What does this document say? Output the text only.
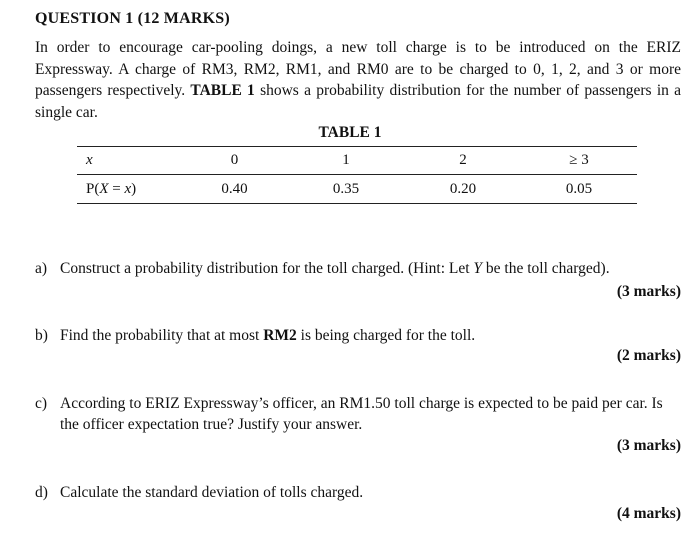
QUESTION 1 (12 MARKS)
In order to encourage car-pooling doings, a new toll charge is to be introduced on the ERIZ Expressway. A charge of RM3, RM2, RM1, and RM0 are to be charged to 0, 1, 2, and 3 or more passengers respectively. TABLE 1 shows a probability distribution for the number of passengers in a single car.
TABLE 1
x	0	1	2	≥ 3
P(X = x)	0.40	0.35	0.20	0.05
a) Construct a probability distribution for the toll charged. (Hint: Let Y be the toll charged).
(3 marks)
b) Find the probability that at most RM2 is being charged for the toll.
(2 marks)
c) According to ERIZ Expressway’s officer, an RM1.50 toll charge is expected to be paid per car. Is the officer expectation true? Justify your answer.
(3 marks)
d) Calculate the standard deviation of tolls charged.
(4 marks)
